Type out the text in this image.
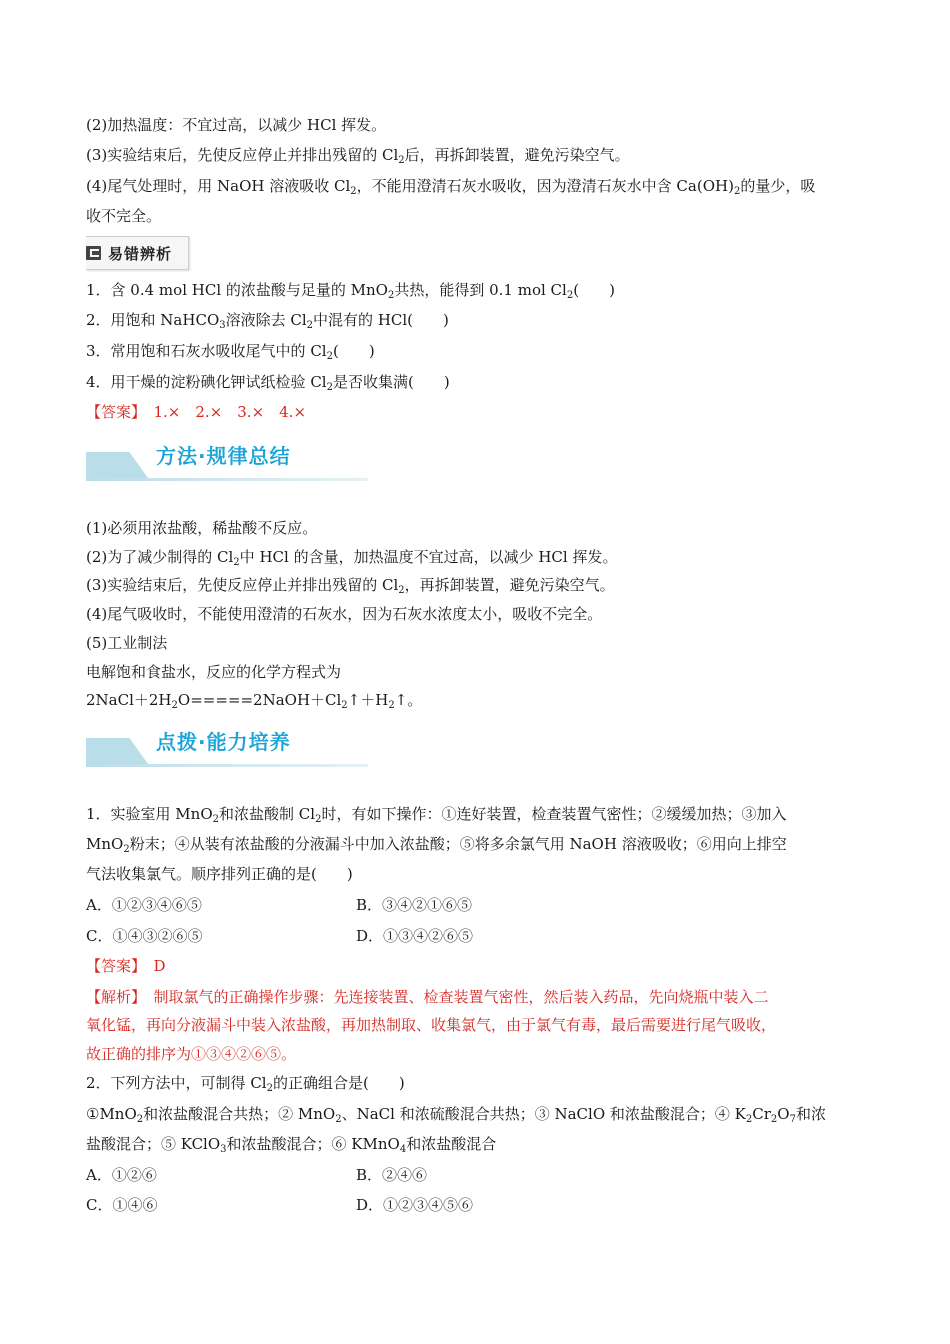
(2)加热温度：不宜过高，以减少 HCl 挥发。
(3)实验结束后，先使反应停止并排出残留的 $Cl_2$后，再拆卸装置，避免污染空气。
(4)尾气处理时，用 NaOH 溶液吸收 $Cl_2$，不能用澄清石灰水吸收，因为澄清石灰水中含 $Ca(OH)_2$的量少，吸
收不完全。
易错辨析
1．含 0.4 mol HCl 的浓盐酸与足量的 MnO$_2$共热，能得到 0.1 mol $Cl_2$(　　)
2．用饱和 NaHCO$_3$溶液除去 $Cl_2$中混有的 HCl(　　)
3．常用饱和石灰水吸收尾气中的 $Cl_2$(　　)
4．用干燥的淀粉碘化钾试纸检验 $Cl_2$是否收集满(　　)
【答案】　1.×　2.×　3.×　4.×
方法·规律总结
(1)必须用浓盐酸，稀盐酸不反应。
(2)为了减少制得的 $Cl_2$中 HCl 的含量，加热温度不宜过高，以减少 HCl 挥发。
(3)实验结束后，先使反应停止并排出残留的 $Cl_2$，再拆卸装置，避免污染空气。
(4)尾气吸收时，不能使用澄清的石灰水，因为石灰水浓度太小，吸收不完全。
(5)工业制法
电解饱和食盐水，反应的化学方程式为
$2NaCl+2H_2O=====2NaOH+Cl_2↑+H_2↑$。
点拨·能力培养
1．实验室用 MnO$_2$和浓盐酸制 $Cl_2$时，有如下操作：①连好装置，检查装置气密性；②缓缓加热；③加入
MnO$_2$粉末；④从装有浓盐酸的分液漏斗中加入浓盐酸；⑤将多余氯气用 NaOH 溶液吸收；⑥用向上排空
气法收集氯气。顺序排列正确的是(　　)
A．①②③④⑥⑤	B．③④②①⑥⑤
C．①④③②⑥⑤	D．①③④②⑥⑤
【答案】　D
【解析】　制取氯气的正确操作步骤：先连接装置、检查装置气密性，然后装入药品，先向烧瓶中装入二
氧化锰，再向分液漏斗中装入浓盐酸，再加热制取、收集氯气，由于氯气有毒，最后需要进行尾气吸收，
故正确的排序为①③④②⑥⑤。
2．下列方法中，可制得 $Cl_2$的正确组合是(　　)
①MnO$_2$和浓盐酸混合共热；② MnO$_2$、NaCl 和浓硫酸混合共热；③ NaClO 和浓盐酸混合；④ $K_2Cr_2O_7$和浓
盐酸混合；⑤ KClO$_3$和浓盐酸混合；⑥ KMnO$_4$和浓盐酸混合
A．①②⑥	B．②④⑥
C．①④⑥	D．①②③④⑤⑥
